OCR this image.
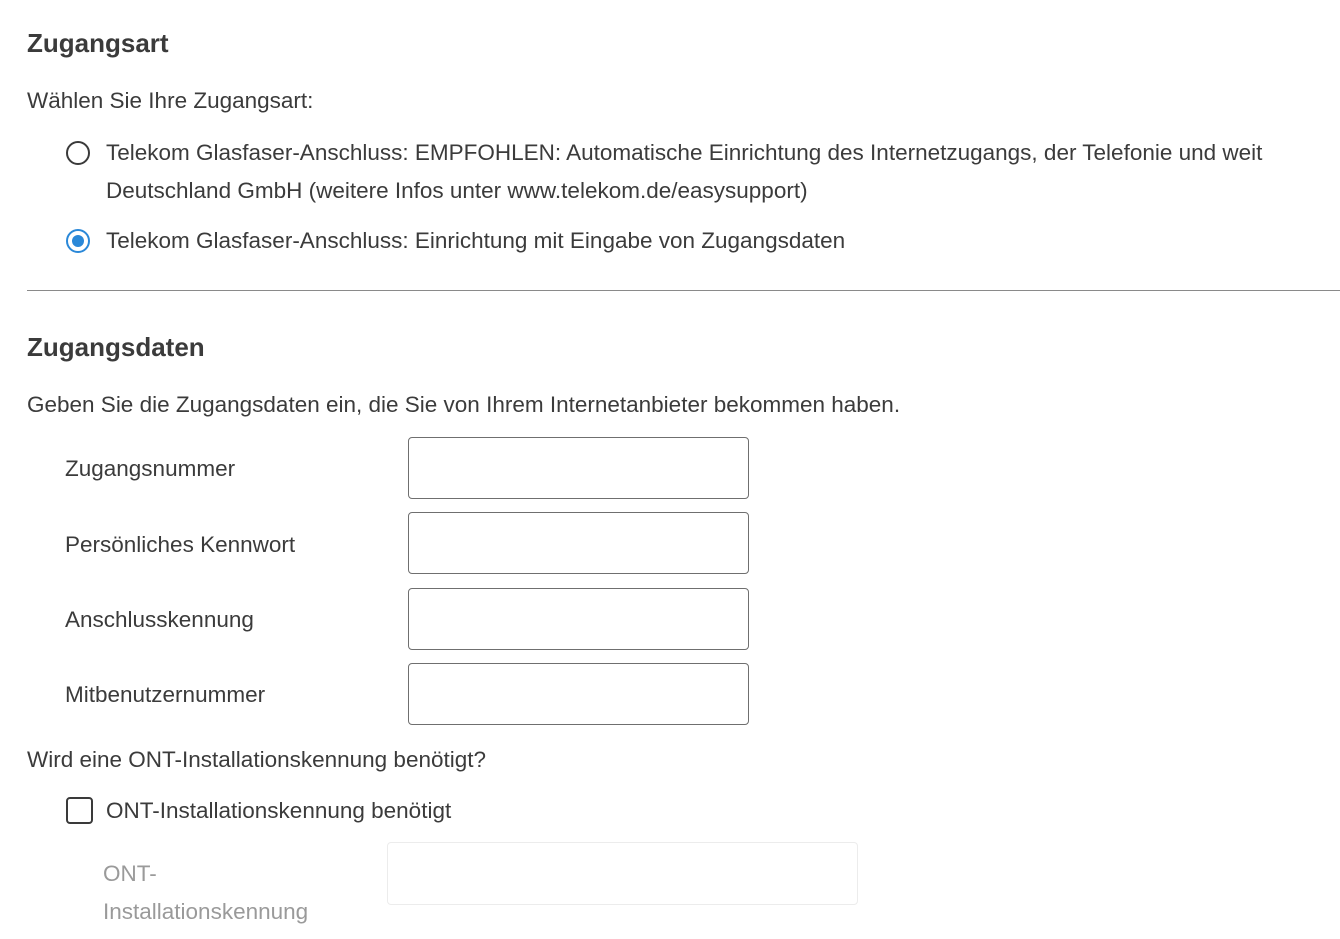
Zugangsart
Wählen Sie Ihre Zugangsart:
Telekom Glasfaser-Anschluss: EMPFOHLEN: Automatische Einrichtung des Internetzugangs, der Telefonie und weit
Deutschland GmbH (weitere Infos unter www.telekom.de/easysupport)
Telekom Glasfaser-Anschluss: Einrichtung mit Eingabe von Zugangsdaten
Zugangsdaten
Geben Sie die Zugangsdaten ein, die Sie von Ihrem Internetanbieter bekommen haben.
Zugangsnummer
Persönliches Kennwort
Anschlusskennung
Mitbenutzernummer
Wird eine ONT-Installationskennung benötigt?
ONT-Installationskennung benötigt
ONT-
Installationskennung
